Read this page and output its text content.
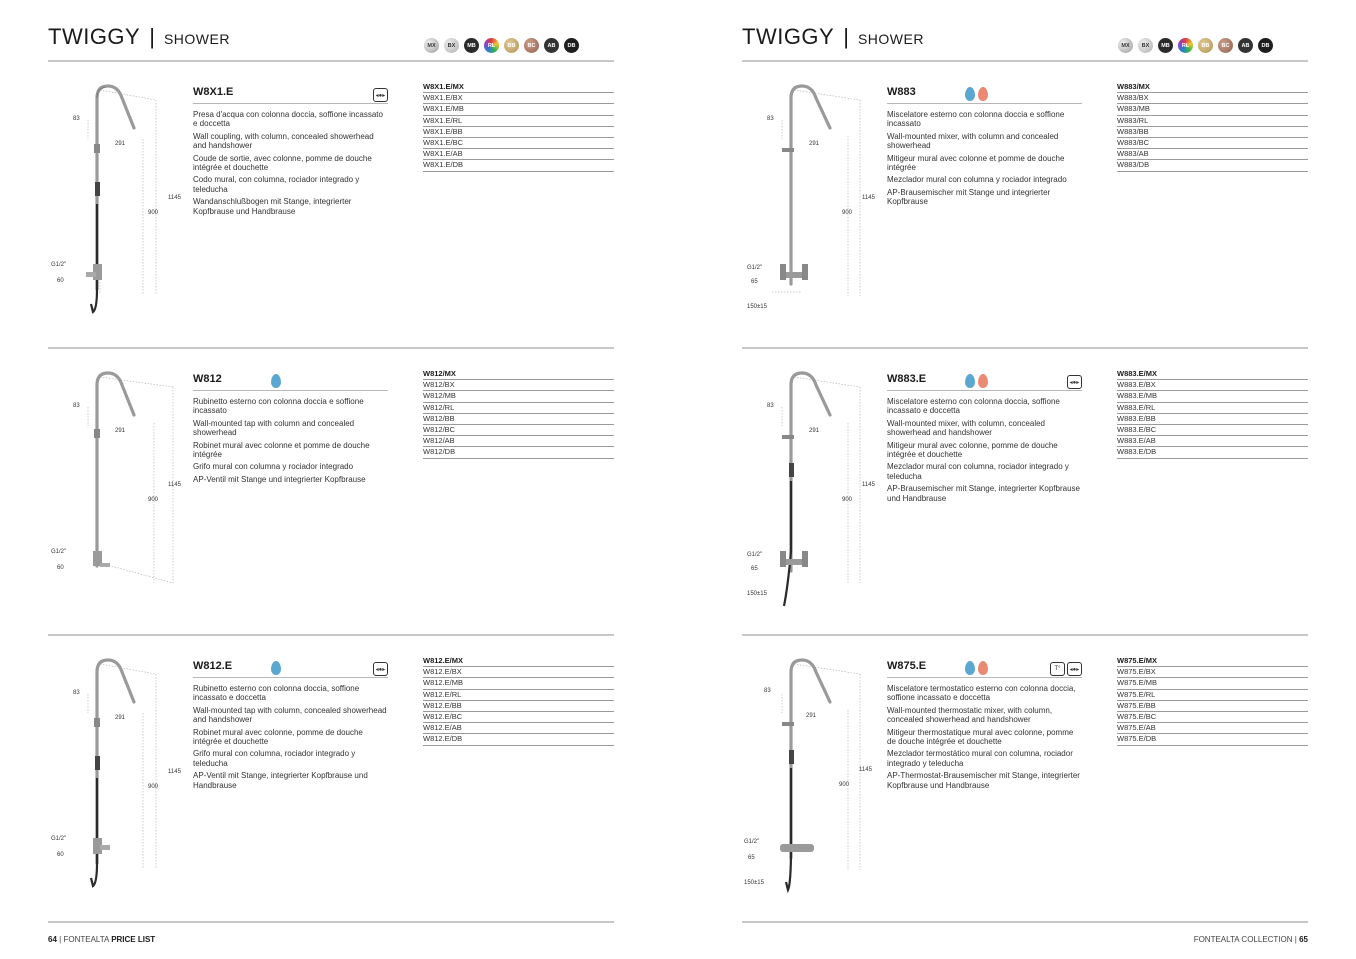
TWIGGY | SHOWER	MX	BX	MB	RL	BB	BC	AB	DB
83
291
1145
900
G1/2"
60
W8X1.E
Presa d'acqua con colonna doccia, soffione incassato e doccetta
Wall coupling, with column, concealed showerhead and handshower
Coude de sortie, avec colonne, pomme de douche intégrée et douchette
Codo mural, con columna, rociador integrado y teleducha
Wandanschlußbogen mit Stange, integrierter Kopfbrause und Handbrause
◂●▸
W8X1.E/MX
W8X1.E/BX
W8X1.E/MB
W8X1.E/RL
W8X1.E/BB
W8X1.E/BC
W8X1.E/AB
W8X1.E/DB
83
291
1145
900
G1/2"
60
W812
Rubinetto esterno con colonna doccia e soffione incassato
Wall-mounted tap with column and concealed showerhead
Robinet mural avec colonne et pomme de douche intégrée
Grifo mural con columna y rociador integrado
AP-Ventil mit Stange und integrierter Kopfbrause
W812/MX
W812/BX
W812/MB
W812/RL
W812/BB
W812/BC
W812/AB
W812/DB
83
291
1145
900
G1/2"
60
W812.E
Rubinetto esterno con colonna doccia, soffione incassato e doccetta
Wall-mounted tap with column, concealed showerhead and handshower
Robinet mural avec colonne, pomme de douche intégrée et douchette
Grifo mural con columna, rociador integrado y teleducha
AP-Ventil mit Stange, integrierter Kopfbrause und Handbrause
◂●▸
W812.E/MX
W812.E/BX
W812.E/MB
W812.E/RL
W812.E/BB
W812.E/BC
W812.E/AB
W812.E/DB
64 | FONTEALTA PRICE LIST
TWIGGY | SHOWER	MX	BX	MB	RL	BB	BC	AB	DB
83
291
1145
900
G1/2"
65
150±15
W883
Miscelatore esterno con colonna doccia e soffione incassato
Wall-mounted mixer, with column and concealed showerhead
Mitigeur mural avec colonne et pomme de douche intégrée
Mezclador mural con columna y rociador integrado
AP-Brausemischer mit Stange und integrierter Kopfbrause
W883/MX
W883/BX
W883/MB
W883/RL
W883/BB
W883/BC
W883/AB
W883/DB
83
291
1145
900
G1/2"
65
150±15
W883.E
Miscelatore esterno con colonna doccia, soffione incassato e doccetta
Wall-mounted mixer, with column, concealed showerhead and handshower
Mitigeur mural avec colonne, pomme de douche intégrée et douchette
Mezclador mural con columna, rociador integrado y teleducha
AP-Brausemischer mit Stange, integrierter Kopfbrause und Handbrause
◂●▸
W883.E/MX
W883.E/BX
W883.E/MB
W883.E/RL
W883.E/BB
W883.E/BC
W883.E/AB
W883.E/DB
83
291
1145
900
G1/2"
65
150±15
W875.E
Miscelatore termostatico esterno con colonna doccia, soffione incassato e doccetta
Wall-mounted thermostatic mixer, with column, concealed showerhead and handshower
Mitigeur thermostatique mural avec colonne, pomme de douche intégrée et douchette
Mezclador termostático mural con columna, rociador integrado y teleducha
AP-Thermostat-Brausemischer mit Stange, integrierter Kopfbrause und Handbrause
T°	◂●▸
W875.E/MX
W875.E/BX
W875.E/MB
W875.E/RL
W875.E/BB
W875.E/BC
W875.E/AB
W875.E/DB
FONTEALTA COLLECTION | 65
